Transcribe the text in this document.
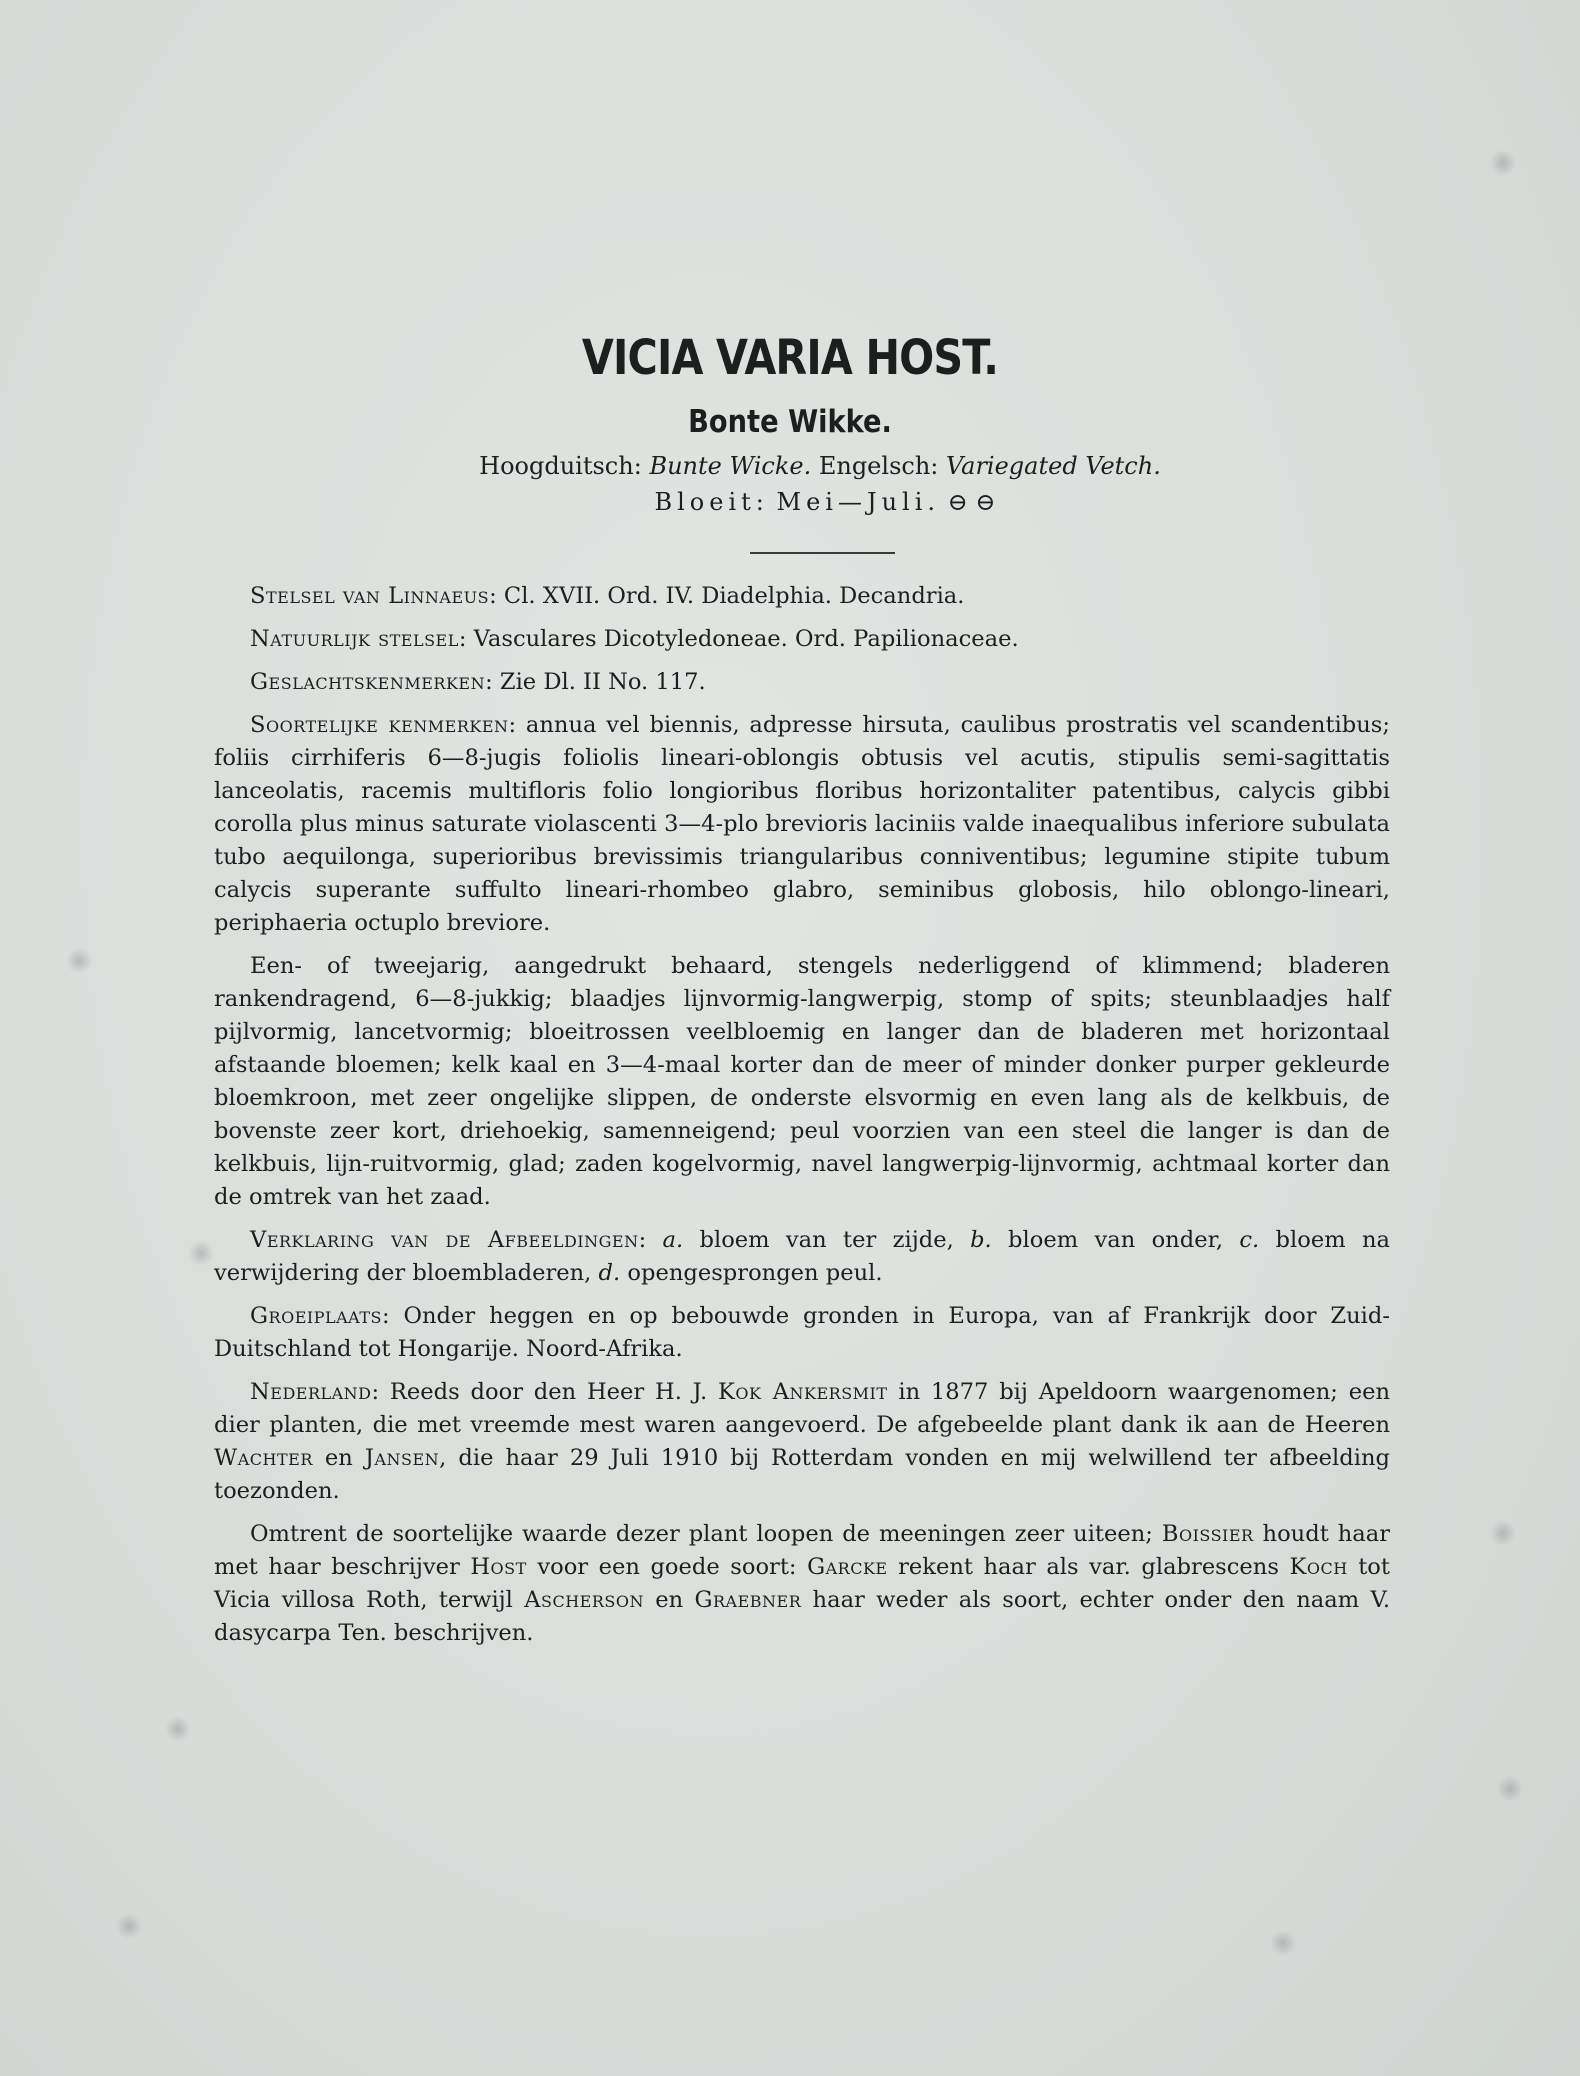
VICIA VARIA HOST.
Bonte Wikke.
Hoogduitsch: Bunte Wicke. Engelsch: Variegated Vetch.
Bloeit: Mei—Juli. ⊖ ⊖

Stelsel van Linnaeus: Cl. XVII. Ord. IV. Diadelphia. Decandria.

Natuurlijk stelsel: Vasculares Dicotyledoneae. Ord. Papilionaceae.

Geslachtskenmerken: Zie Dl. II No. 117.

Soortelijke kenmerken: annua vel biennis, adpresse hirsuta, caulibus prostratis vel scandentibus; foliis cirrhiferis 6—8-jugis foliolis lineari-oblongis obtusis vel acutis, stipulis semi-sagittatis lanceolatis, racemis multifloris folio longioribus floribus horizontaliter patentibus, calycis gibbi corolla plus minus saturate violascenti 3—4-plo brevioris laciniis valde inaequalibus inferiore subulata tubo aequilonga, superioribus brevissimis triangularibus conniventibus; legumine stipite tubum calycis superante suffulto lineari-rhombeo glabro, seminibus globosis, hilo oblongo-lineari, periphaeria octuplo breviore.

Een- of tweejarig, aangedrukt behaard, stengels nederliggend of klimmend; bladeren rankendragend, 6—8-jukkig; blaadjes lijnvormig-langwerpig, stomp of spits; steunblaadjes half pijlvormig, lancetvormig; bloeitrossen veelbloemig en langer dan de bladeren met horizontaal afstaande bloemen; kelk kaal en 3—4-maal korter dan de meer of minder donker purper gekleurde bloemkroon, met zeer ongelijke slippen, de onderste elsvormig en even lang als de kelkbuis, de bovenste zeer kort, driehoekig, samenneigend; peul voorzien van een steel die langer is dan de kelkbuis, lijn-ruitvormig, glad; zaden kogelvormig, navel langwerpig-lijnvormig, achtmaal korter dan de omtrek van het zaad.

Verklaring van de Afbeeldingen: a. bloem van ter zijde, b. bloem van onder, c. bloem na verwijdering der bloembladeren, d. opengesprongen peul.

Groeiplaats: Onder heggen en op bebouwde gronden in Europa, van af Frankrijk door Zuid-Duitschland tot Hongarije. Noord-Afrika.

Nederland: Reeds door den Heer H. J. Kok Ankersmit in 1877 bij Apeldoorn waargenomen; een dier planten, die met vreemde mest waren aangevoerd. De afgebeelde plant dank ik aan de Heeren Wachter en Jansen, die haar 29 Juli 1910 bij Rotterdam vonden en mij welwillend ter afbeelding toezonden.

Omtrent de soortelijke waarde dezer plant loopen de meeningen zeer uiteen; Boissier houdt haar met haar beschrijver Host voor een goede soort: Garcke rekent haar als var. glabrescens Koch tot Vicia villosa Roth, terwijl Ascherson en Graebner haar weder als soort, echter onder den naam V. dasycarpa Ten. beschrijven.
